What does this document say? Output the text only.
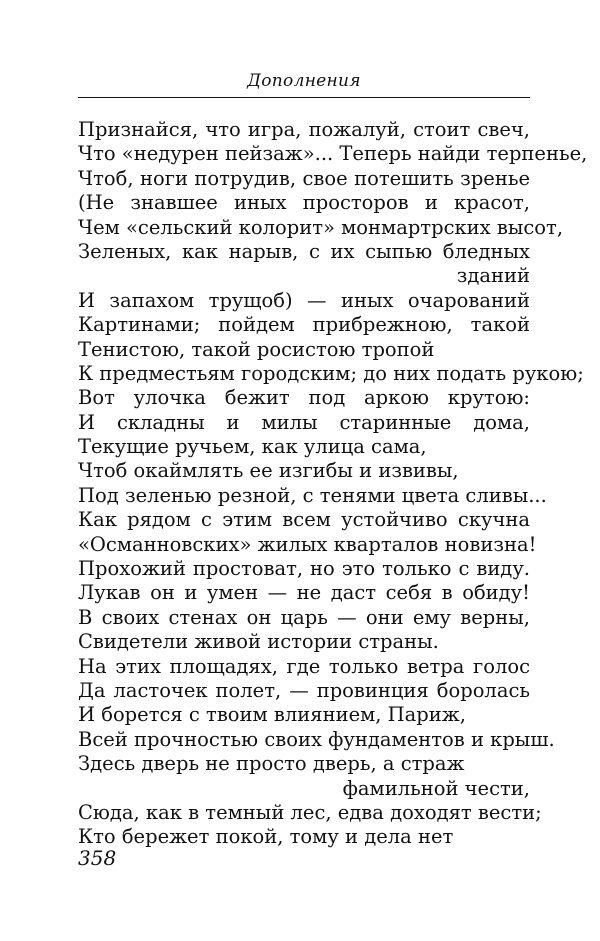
Дополнения
Признайся, что игра, пожалуй, стоит свеч,
Что «недурен пейзаж»... Теперь найди терпенье,
Чтоб, ноги потрудив, свое потешить зренье
(Не знавшее иных просторов и красот,
Чем «сельский колорит» монмартрских высот,
Зеленых, как нарыв, с их сыпью бледных
зданий
И запахом трущоб) — иных очарований
Картинами; пойдем прибрежною, такой
Тенистою, такой росистою тропой
К предместьям городским; до них подать рукою;
Вот улочка бежит под аркою крутою:
И складны и милы старинные дома,
Текущие ручьем, как улица сама,
Чтоб окаймлять ее изгибы и извивы,
Под зеленью резной, с тенями цвета сливы...
Как рядом с этим всем устойчиво скучна
«Османновских» жилых кварталов новизна!
Прохожий простоват, но это только с виду.
Лукав он и умен — не даст себя в обиду!
В своих стенах он царь — они ему верны,
Свидетели живой истории страны.
На этих площадях, где только ветра голос
Да ласточек полет, — провинция боролась
И борется с твоим влиянием, Париж,
Всей прочностью своих фундаментов и крыш.
Здесь дверь не просто дверь, а страж
фамильной чести,
Сюда, как в темный лес, едва доходят вести;
Кто бережет покой, тому и дела нет
358
